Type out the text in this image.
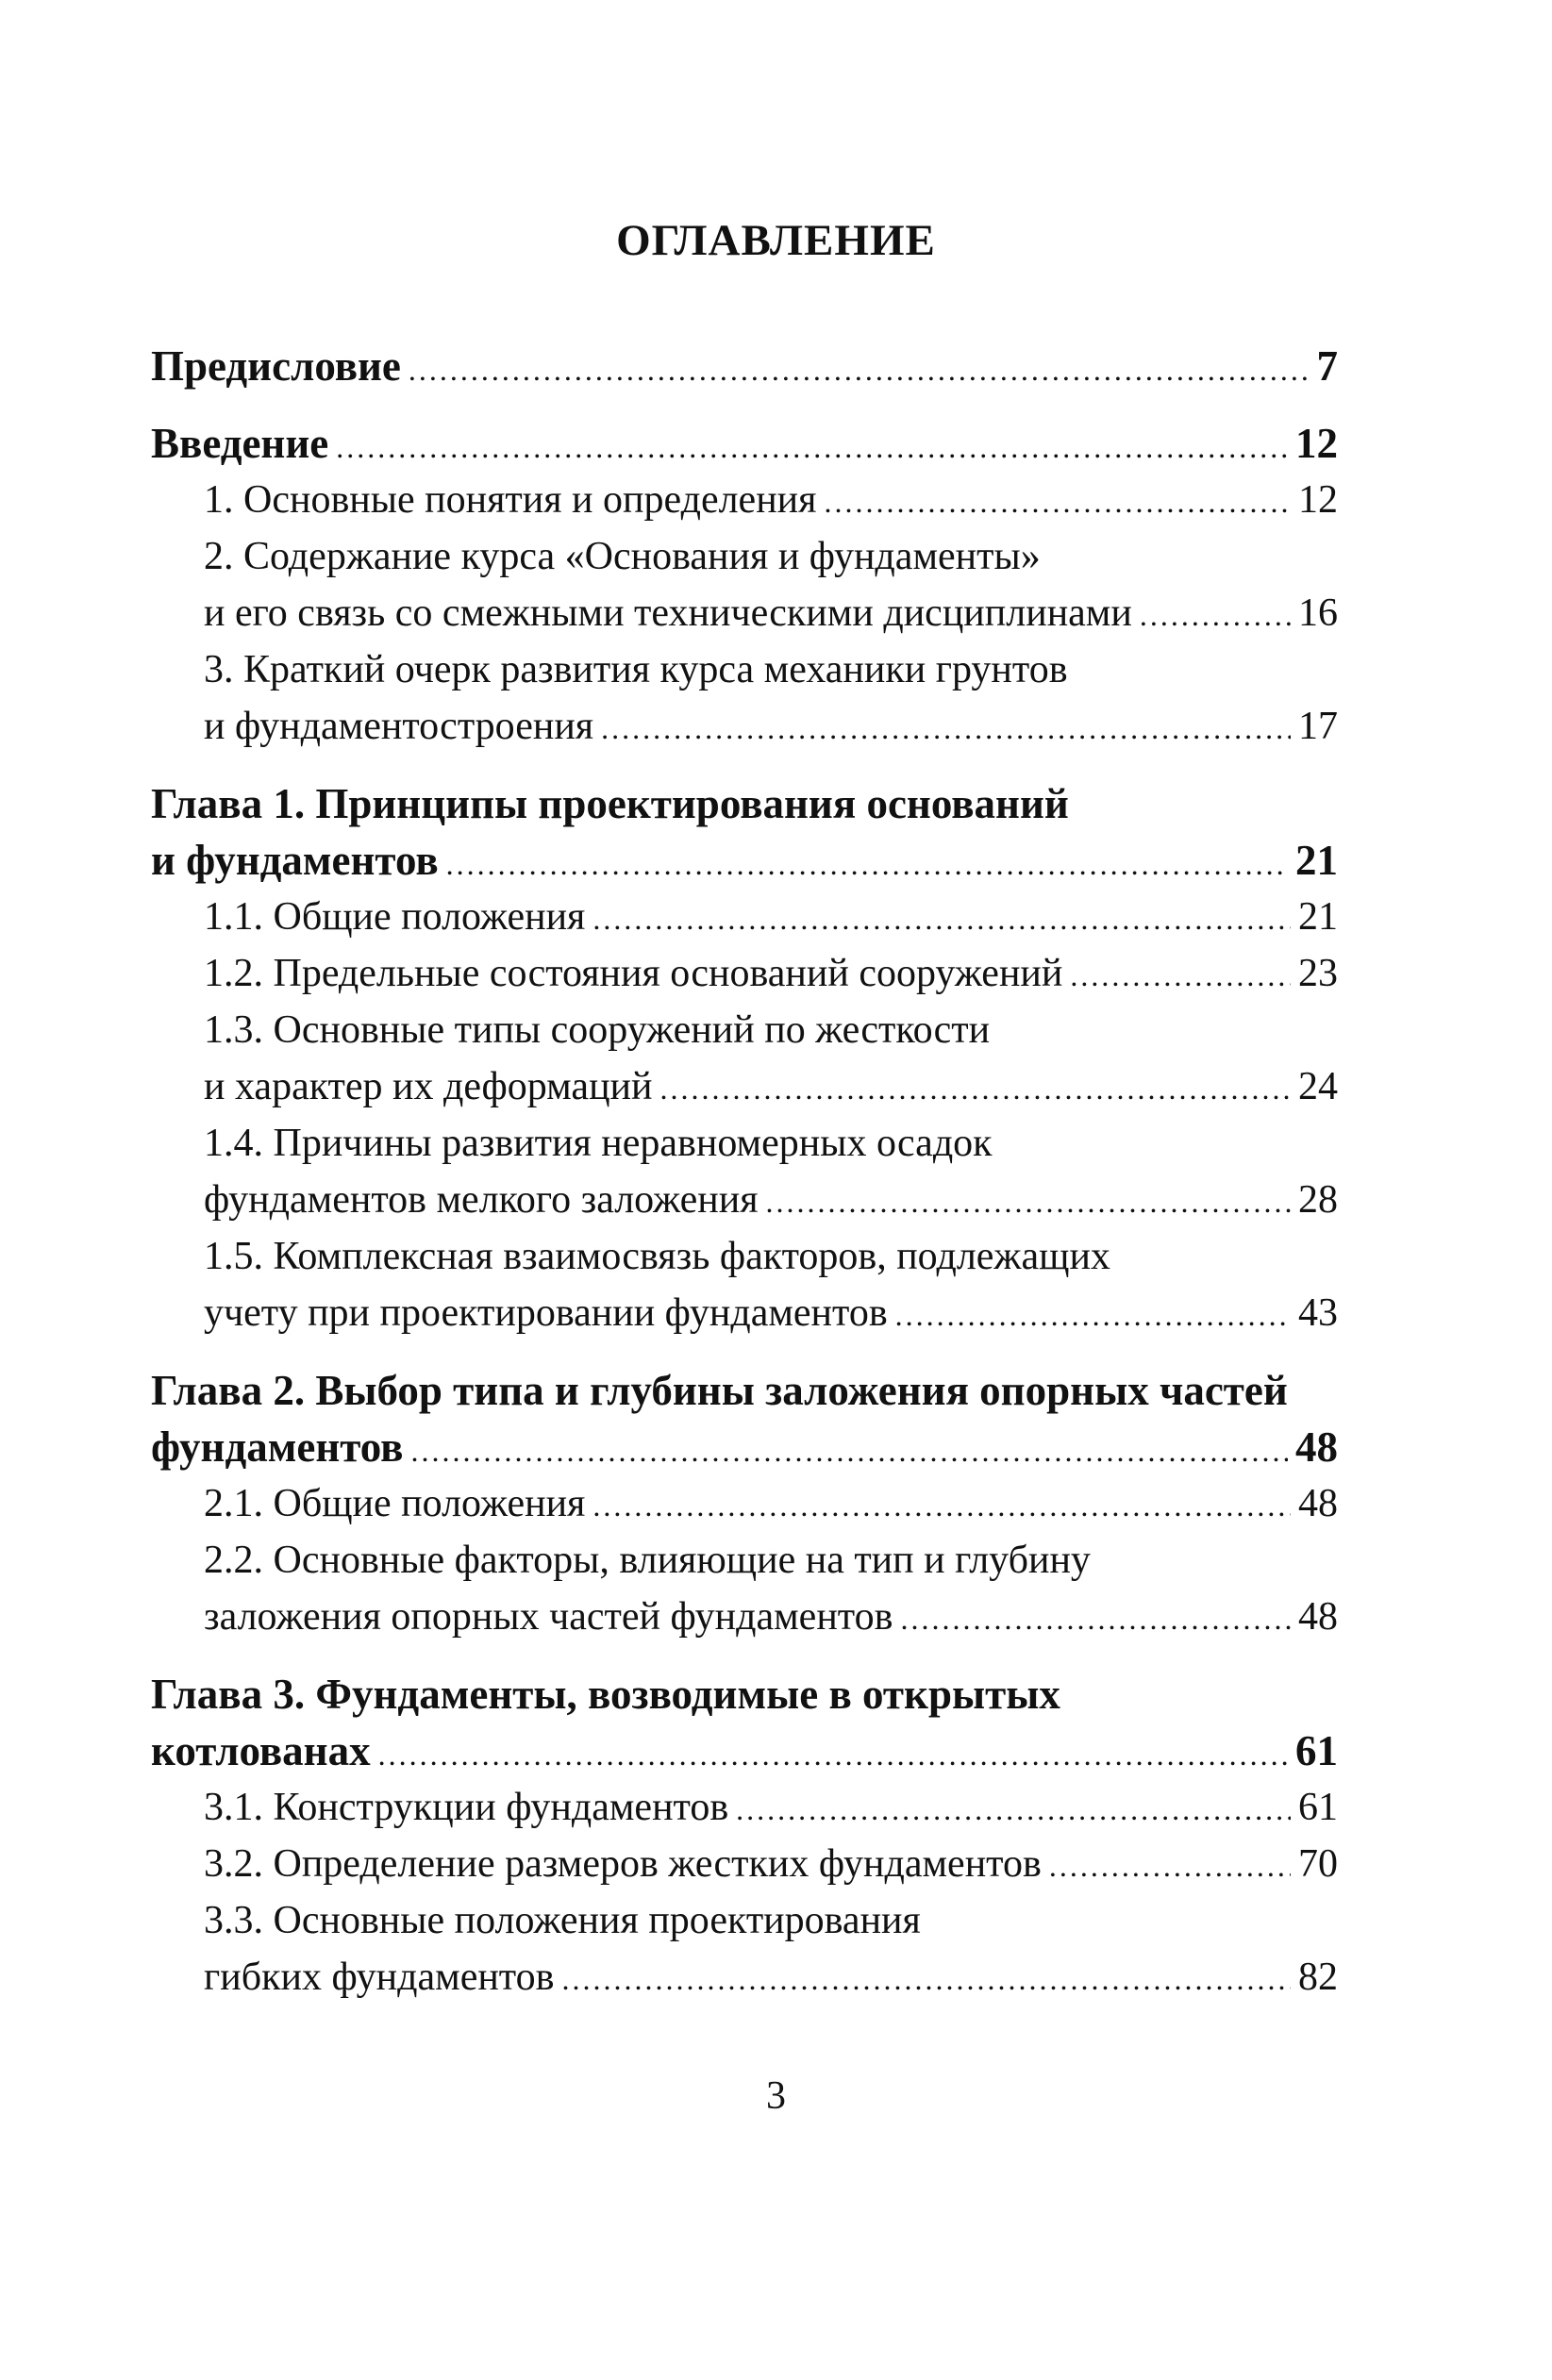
ОГЛАВЛЕНИЕ
Предисловие .....	7
Введение .....	12
1. Основные понятия и определения .....	12
2. Содержание курса «Основания и фундаменты»
и его связь со смежными техническими дисциплинами .....	16
3. Краткий очерк развития курса механики грунтов
и фундаментостроения .....	17
Глава 1. Принципы проектирования оснований
и фундаментов .....	21
1.1. Общие положения .....	21
1.2. Предельные состояния оснований сооружений .....	23
1.3. Основные типы сооружений по жесткости
и характер их деформаций .....	24
1.4. Причины развития неравномерных осадок
фундаментов мелкого заложения .....	28
1.5. Комплексная взаимосвязь факторов, подлежащих
учету при проектировании фундаментов .....	43
Глава 2. Выбор типа и глубины заложения опорных частей
фундаментов .....	48
2.1. Общие положения .....	48
2.2. Основные факторы, влияющие на тип и глубину
заложения опорных частей фундаментов .....	48
Глава 3. Фундаменты, возводимые в открытых
котлованах .....	61
3.1. Конструкции фундаментов .....	61
3.2. Определение размеров жестких фундаментов .....	70
3.3. Основные положения проектирования
гибких фундаментов .....	82
3
